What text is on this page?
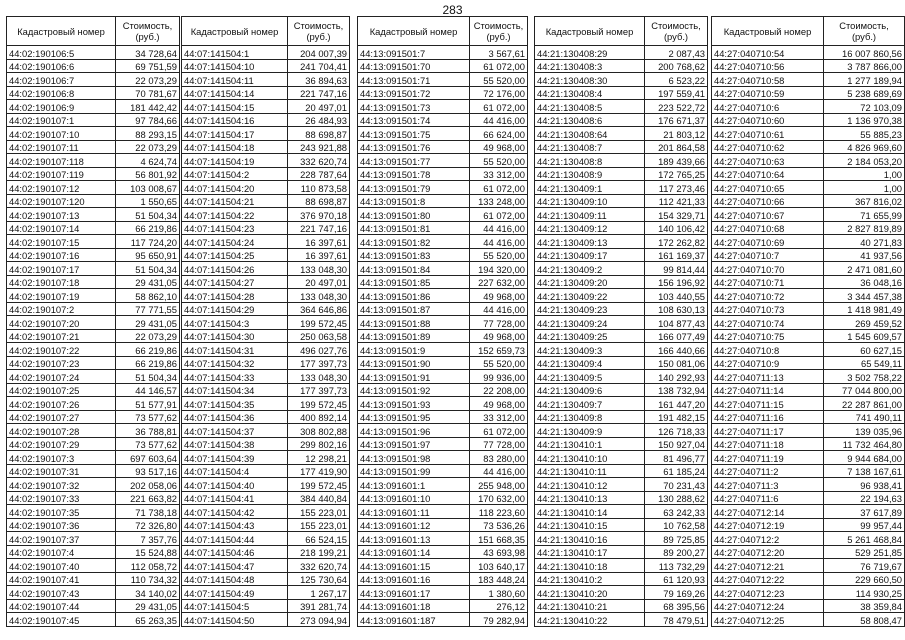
283
Кадастровый номер	Стоимость, (руб.)
44:02:190106:5	34 728,64
44:02:190106:6	69 751,59
44:02:190106:7	22 073,29
44:02:190106:8	70 781,67
44:02:190106:9	181 442,42
44:02:190107:1	97 784,66
44:02:190107:10	88 293,15
44:02:190107:11	22 073,29
44:02:190107:118	4 624,74
44:02:190107:119	56 801,92
44:02:190107:12	103 008,67
44:02:190107:120	1 550,65
44:02:190107:13	51 504,34
44:02:190107:14	66 219,86
44:02:190107:15	117 724,20
44:02:190107:16	95 650,91
44:02:190107:17	51 504,34
44:02:190107:18	29 431,05
44:02:190107:19	58 862,10
44:02:190107:2	77 771,55
44:02:190107:20	29 431,05
44:02:190107:21	22 073,29
44:02:190107:22	66 219,86
44:02:190107:23	66 219,86
44:02:190107:24	51 504,34
44:02:190107:25	44 146,57
44:02:190107:26	51 577,91
44:02:190107:27	73 577,62
44:02:190107:28	36 788,81
44:02:190107:29	73 577,62
44:02:190107:3	697 603,64
44:02:190107:31	93 517,16
44:02:190107:32	202 058,06
44:02:190107:33	221 663,82
44:02:190107:35	71 738,18
44:02:190107:36	72 326,80
44:02:190107:37	7 357,76
44:02:190107:4	15 524,88
44:02:190107:40	112 058,72
44:02:190107:41	110 734,32
44:02:190107:43	34 140,02
44:02:190107:44	29 431,05
44:02:190107:45	65 263,35
Кадастровый номер	Стоимость, (руб.)
44:07:141504:1	204 007,39
44:07:141504:10	241 704,41
44:07:141504:11	36 894,63
44:07:141504:14	221 747,16
44:07:141504:15	20 497,01
44:07:141504:16	26 484,93
44:07:141504:17	88 698,87
44:07:141504:18	243 921,88
44:07:141504:19	332 620,74
44:07:141504:2	228 787,64
44:07:141504:20	110 873,58
44:07:141504:21	88 698,87
44:07:141504:22	376 970,18
44:07:141504:23	221 747,16
44:07:141504:24	16 397,61
44:07:141504:25	16 397,61
44:07:141504:26	133 048,30
44:07:141504:27	20 497,01
44:07:141504:28	133 048,30
44:07:141504:29	364 646,86
44:07:141504:3	199 572,45
44:07:141504:30	250 063,58
44:07:141504:31	496 027,76
44:07:141504:32	177 397,73
44:07:141504:33	133 048,30
44:07:141504:34	177 397,73
44:07:141504:35	199 572,45
44:07:141504:36	400 892,14
44:07:141504:37	308 802,88
44:07:141504:38	299 802,16
44:07:141504:39	12 298,21
44:07:141504:4	177 419,90
44:07:141504:40	199 572,45
44:07:141504:41	384 440,84
44:07:141504:42	155 223,01
44:07:141504:43	155 223,01
44:07:141504:44	66 524,15
44:07:141504:46	218 199,21
44:07:141504:47	332 620,74
44:07:141504:48	125 730,64
44:07:141504:49	1 267,17
44:07:141504:5	391 281,74
44:07:141504:50	273 094,94
Кадастровый номер	Стоимость, (руб.)
44:13:091501:7	3 567,61
44:13:091501:70	61 072,00
44:13:091501:71	55 520,00
44:13:091501:72	72 176,00
44:13:091501:73	61 072,00
44:13:091501:74	44 416,00
44:13:091501:75	66 624,00
44:13:091501:76	49 968,00
44:13:091501:77	55 520,00
44:13:091501:78	33 312,00
44:13:091501:79	61 072,00
44:13:091501:8	133 248,00
44:13:091501:80	61 072,00
44:13:091501:81	44 416,00
44:13:091501:82	44 416,00
44:13:091501:83	55 520,00
44:13:091501:84	194 320,00
44:13:091501:85	227 632,00
44:13:091501:86	49 968,00
44:13:091501:87	44 416,00
44:13:091501:88	77 728,00
44:13:091501:89	49 968,00
44:13:091501:9	152 659,73
44:13:091501:90	55 520,00
44:13:091501:91	99 936,00
44:13:091501:92	22 208,00
44:13:091501:93	49 968,00
44:13:091501:95	33 312,00
44:13:091501:96	61 072,00
44:13:091501:97	77 728,00
44:13:091501:98	83 280,00
44:13:091501:99	44 416,00
44:13:091601:1	255 948,00
44:13:091601:10	170 632,00
44:13:091601:11	118 223,60
44:13:091601:12	73 536,26
44:13:091601:13	151 668,35
44:13:091601:14	43 693,98
44:13:091601:15	103 640,17
44:13:091601:16	183 448,24
44:13:091601:17	1 380,60
44:13:091601:18	276,12
44:13:091601:187	79 282,94
Кадастровый номер	Стоимость, (руб.)
44:21:130408:29	2 087,43
44:21:130408:3	200 768,62
44:21:130408:30	6 523,22
44:21:130408:4	197 559,41
44:21:130408:5	223 522,72
44:21:130408:6	176 671,37
44:21:130408:64	21 803,12
44:21:130408:7	201 864,58
44:21:130408:8	189 439,66
44:21:130408:9	172 765,25
44:21:130409:1	117 273,46
44:21:130409:10	112 421,33
44:21:130409:11	154 329,71
44:21:130409:12	140 106,42
44:21:130409:13	172 262,82
44:21:130409:17	161 169,37
44:21:130409:2	99 814,44
44:21:130409:20	156 196,92
44:21:130409:22	103 440,55
44:21:130409:23	108 630,13
44:21:130409:24	104 877,43
44:21:130409:25	166 077,49
44:21:130409:3	166 440,66
44:21:130409:4	150 081,06
44:21:130409:5	140 292,93
44:21:130409:6	138 732,94
44:21:130409:7	161 447,20
44:21:130409:8	191 482,15
44:21:130409:9	126 718,33
44:21:130410:1	150 927,04
44:21:130410:10	81 496,77
44:21:130410:11	61 185,24
44:21:130410:12	70 231,43
44:21:130410:13	130 288,62
44:21:130410:14	63 242,33
44:21:130410:15	10 762,58
44:21:130410:16	89 725,85
44:21:130410:17	89 200,27
44:21:130410:18	113 732,29
44:21:130410:2	61 120,93
44:21:130410:20	79 169,26
44:21:130410:21	68 395,56
44:21:130410:22	78 479,51
Кадастровый номер	Стоимость, (руб.)
44:27:040710:54	16 007 860,56
44:27:040710:56	3 787 866,00
44:27:040710:58	1 277 189,94
44:27:040710:59	5 238 689,69
44:27:040710:6	72 103,09
44:27:040710:60	1 136 970,38
44:27:040710:61	55 885,23
44:27:040710:62	4 826 969,60
44:27:040710:63	2 184 053,20
44:27:040710:64	1,00
44:27:040710:65	1,00
44:27:040710:66	367 816,02
44:27:040710:67	71 655,99
44:27:040710:68	2 827 819,89
44:27:040710:69	40 271,83
44:27:040710:7	41 937,56
44:27:040710:70	2 471 081,60
44:27:040710:71	36 048,16
44:27:040710:72	3 344 457,38
44:27:040710:73	1 418 981,49
44:27:040710:74	269 459,52
44:27:040710:75	1 545 609,57
44:27:040710:8	60 627,15
44:27:040710:9	65 549,11
44:27:040711:13	3 502 758,22
44:27:040711:14	77 044 800,00
44:27:040711:15	22 287 861,00
44:27:040711:16	741 490,11
44:27:040711:17	139 035,96
44:27:040711:18	11 732 464,80
44:27:040711:19	9 944 684,00
44:27:040711:2	7 138 167,61
44:27:040711:3	96 938,41
44:27:040711:6	22 194,63
44:27:040712:14	37 617,89
44:27:040712:19	99 957,44
44:27:040712:2	5 261 468,84
44:27:040712:20	529 251,85
44:27:040712:21	76 719,67
44:27:040712:22	229 660,50
44:27:040712:23	114 930,25
44:27:040712:24	38 359,84
44:27:040712:25	58 808,47
